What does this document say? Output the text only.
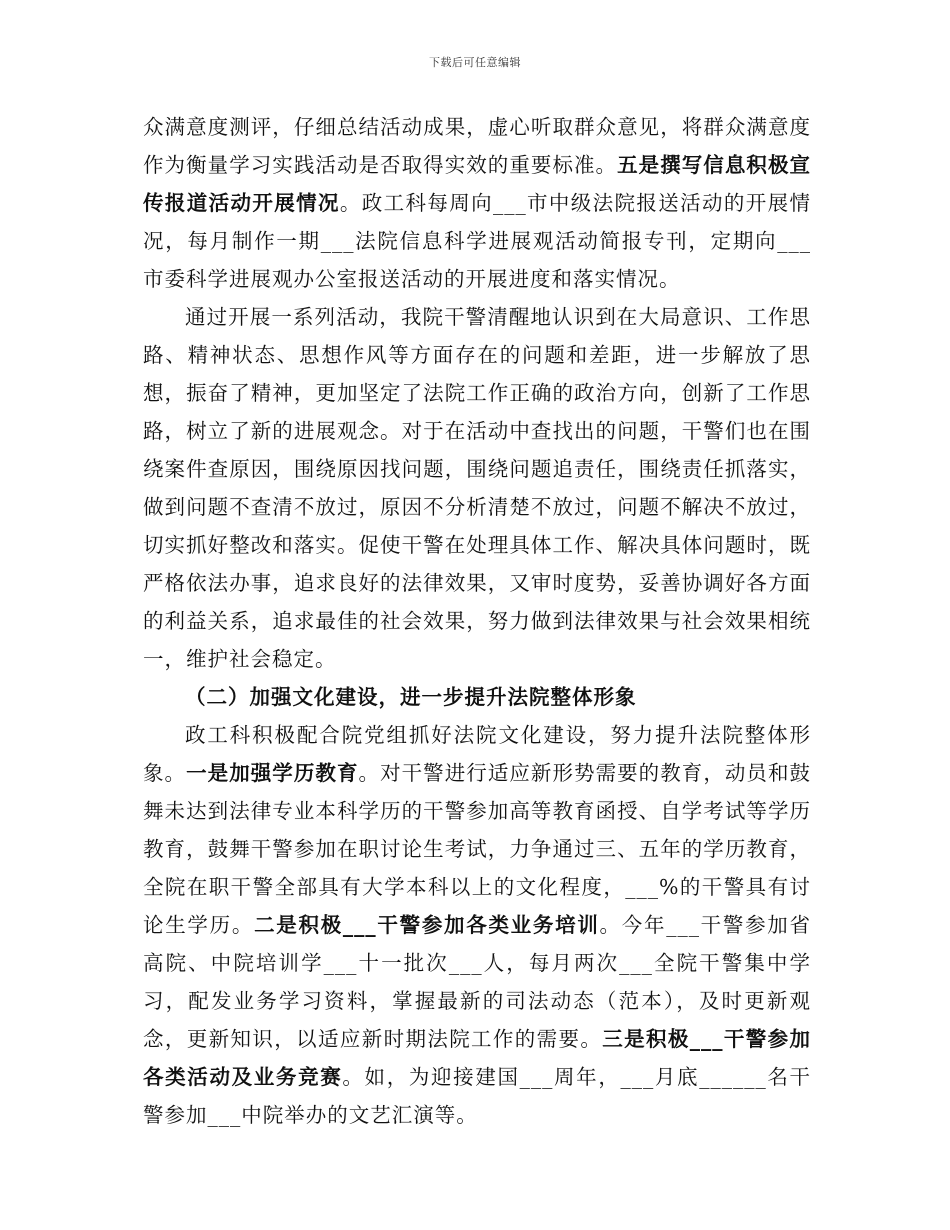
下载后可任意编辑

众满意度测评，仔细总结活动成果，虚心听取群众意见，将群众满意度作为衡量学习实践活动是否取得实效的重要标准。五是撰写信息积极宣传报道活动开展情况。政工科每周向___市中级法院报送活动的开展情况，每月制作一期___法院信息科学进展观活动简报专刊，定期向___市委科学进展观办公室报送活动的开展进度和落实情况。

通过开展一系列活动，我院干警清醒地认识到在大局意识、工作思路、精神状态、思想作风等方面存在的问题和差距，进一步解放了思想，振奋了精神，更加坚定了法院工作正确的政治方向，创新了工作思路，树立了新的进展观念。对于在活动中查找出的问题，干警们也在围绕案件查原因，围绕原因找问题，围绕问题追责任，围绕责任抓落实，做到问题不查清不放过，原因不分析清楚不放过，问题不解决不放过，切实抓好整改和落实。促使干警在处理具体工作、解决具体问题时，既严格依法办事，追求良好的法律效果，又审时度势，妥善协调好各方面的利益关系，追求最佳的社会效果，努力做到法律效果与社会效果相统一，维护社会稳定。

（二）加强文化建设，进一步提升法院整体形象

政工科积极配合院党组抓好法院文化建设，努力提升法院整体形象。一是加强学历教育。对干警进行适应新形势需要的教育，动员和鼓舞未达到法律专业本科学历的干警参加高等教育函授、自学考试等学历教育，鼓舞干警参加在职讨论生考试，力争通过三、五年的学历教育，全院在职干警全部具有大学本科以上的文化程度，___%的干警具有讨论生学历。二是积极___干警参加各类业务培训。今年___干警参加省高院、中院培训学___十一批次___人，每月两次___全院干警集中学习，配发业务学习资料，掌握最新的司法动态（范本），及时更新观念，更新知识，以适应新时期法院工作的需要。三是积极___干警参加各类活动及业务竞赛。如，为迎接建国___周年，___月底______名干警参加___中院举办的文艺汇演等。
